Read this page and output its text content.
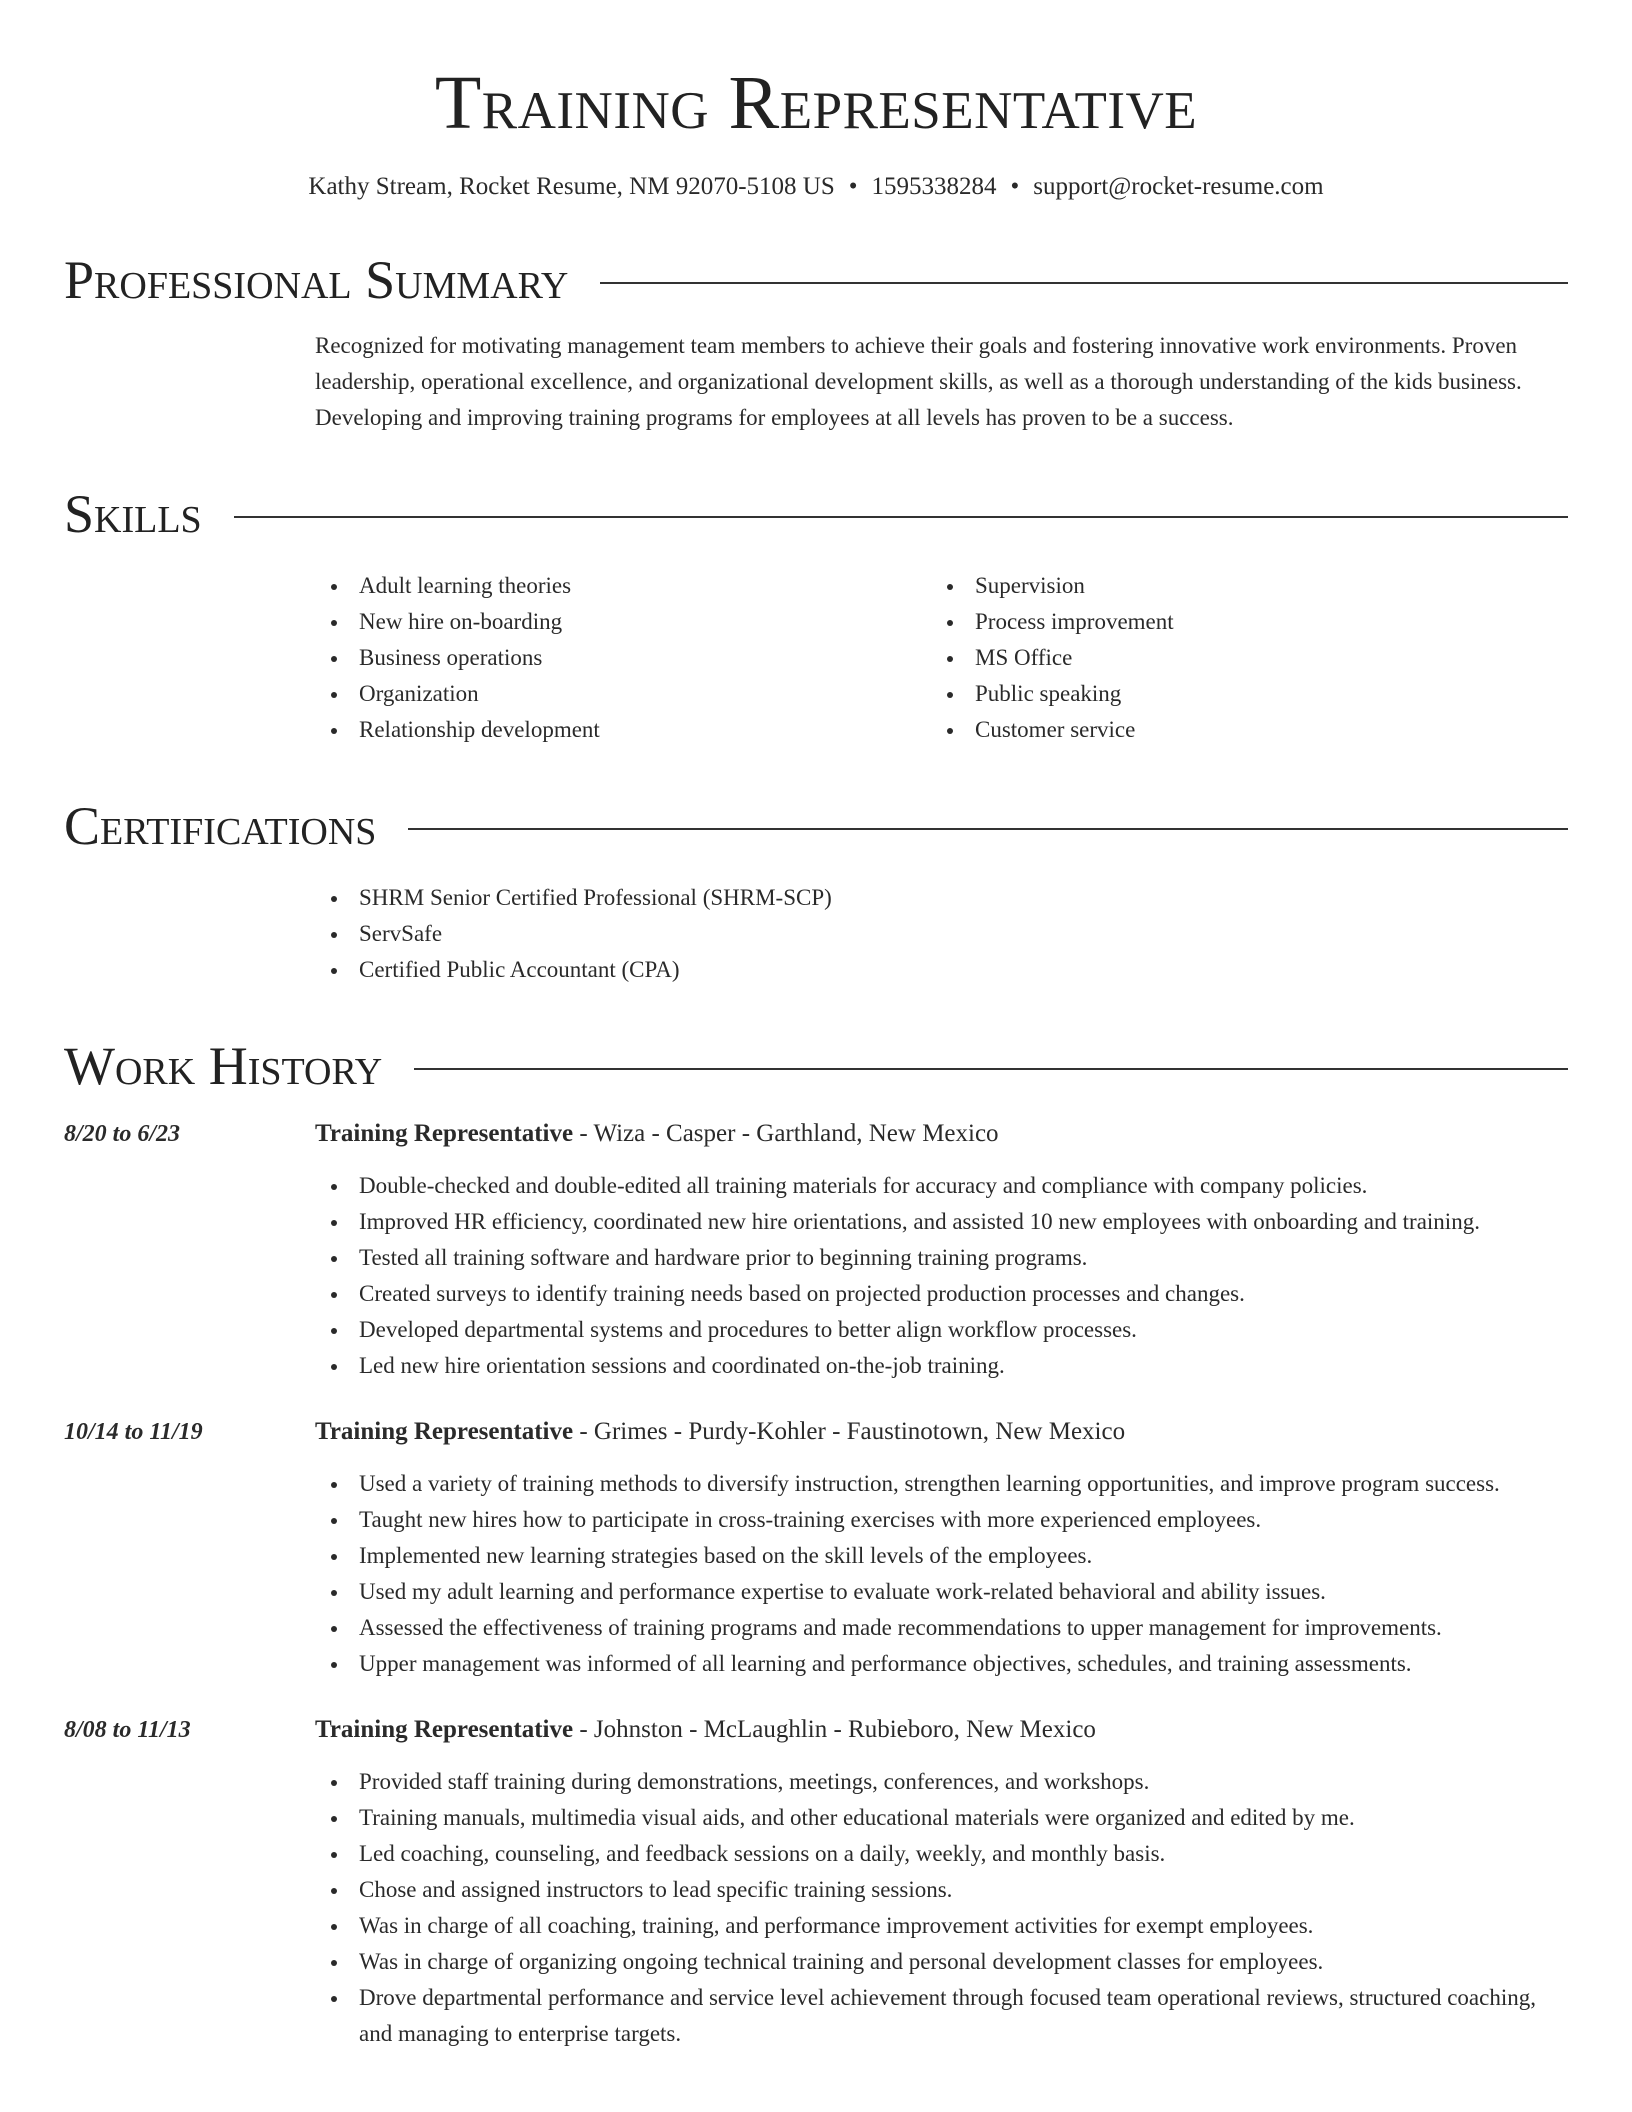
Training Representative
Kathy Stream, Rocket Resume, NM 92070-5108 US • 1595338284 • support@rocket-resume.com
Professional Summary
Recognized for motivating management team members to achieve their goals and fostering innovative work environments. Proven leadership, operational excellence, and organizational development skills, as well as a thorough understanding of the kids business. Developing and improving training programs for employees at all levels has proven to be a success.
Skills
Adult learning theories
New hire on-boarding
Business operations
Organization
Relationship development
Supervision
Process improvement
MS Office
Public speaking
Customer service
Certifications
SHRM Senior Certified Professional (SHRM-SCP)
ServSafe
Certified Public Accountant (CPA)
Work History
8/20 to 6/23	Training Representative - Wiza - Casper - Garthland, New Mexico
Double-checked and double-edited all training materials for accuracy and compliance with company policies.
Improved HR efficiency, coordinated new hire orientations, and assisted 10 new employees with onboarding and training.
Tested all training software and hardware prior to beginning training programs.
Created surveys to identify training needs based on projected production processes and changes.
Developed departmental systems and procedures to better align workflow processes.
Led new hire orientation sessions and coordinated on-the-job training.
10/14 to 11/19	Training Representative - Grimes - Purdy-Kohler - Faustinotown, New Mexico
Used a variety of training methods to diversify instruction, strengthen learning opportunities, and improve program success.
Taught new hires how to participate in cross-training exercises with more experienced employees.
Implemented new learning strategies based on the skill levels of the employees.
Used my adult learning and performance expertise to evaluate work-related behavioral and ability issues.
Assessed the effectiveness of training programs and made recommendations to upper management for improvements.
Upper management was informed of all learning and performance objectives, schedules, and training assessments.
8/08 to 11/13	Training Representative - Johnston - McLaughlin - Rubieboro, New Mexico
Provided staff training during demonstrations, meetings, conferences, and workshops.
Training manuals, multimedia visual aids, and other educational materials were organized and edited by me.
Led coaching, counseling, and feedback sessions on a daily, weekly, and monthly basis.
Chose and assigned instructors to lead specific training sessions.
Was in charge of all coaching, training, and performance improvement activities for exempt employees.
Was in charge of organizing ongoing technical training and personal development classes for employees.
Drove departmental performance and service level achievement through focused team operational reviews, structured coaching, and managing to enterprise targets.
